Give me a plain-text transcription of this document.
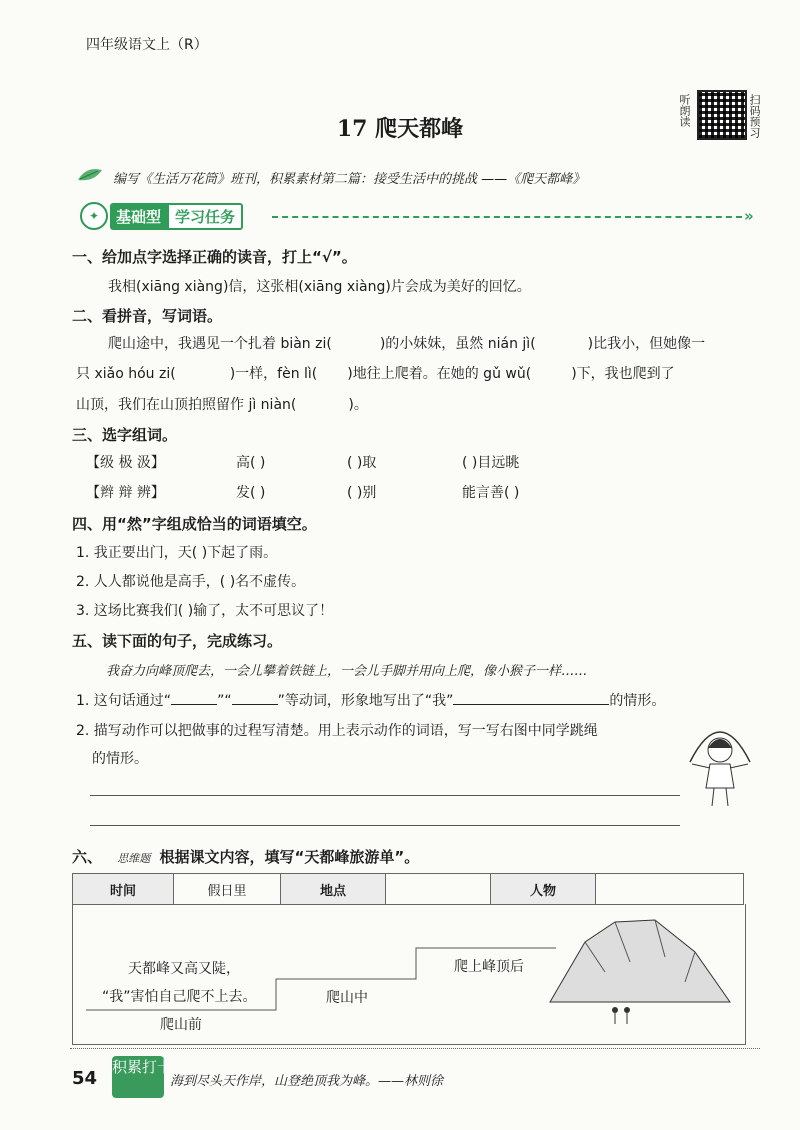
四年级语文上（R）
17 爬天都峰
听朗读	扫码预习
编写《生活万花筒》班刊，积累素材第二篇：接受生活中的挑战 ——《爬天都峰》
✦	基础型 学习任务	»
一、给加点字选择正确的读音，打上“√”。
我相(xiāng xiàng)信，这张相(xiāng xiàng)片会成为美好的回忆。
二、看拼音，写词语。
爬山途中，我遇见一个扎着 biàn zi(	)的小妹妹，虽然 nián jì(	)比我小，但她像一
只 xiǎo hóu zi(	)一样，fèn lì( )地往上爬着。在她的 gǔ wǔ(	)下，我也爬到了
山顶，我们在山顶拍照留作 jì niàn(	)。
三、选字组词。
【级 极 汲】	高( )	( )取	( )目远眺
【辫 辩 辨】	发( )	( )别	能言善( )
四、用“然”字组成恰当的词语填空。
1. 我正要出门，天( )下起了雨。
2. 人人都说他是高手，( )名不虚传。
3. 这场比赛我们( )输了，太不可思议了！
五、读下面的句子，完成练习。
我奋力向峰顶爬去，一会儿攀着铁链上，一会儿手脚并用向上爬，像小猴子一样……
1. 这句话通过“	”“	”等动词，形象地写出了“我”	的情形。
2. 描写动作可以把做事的过程写清楚。用上表示动作的词语，写一写右图中同学跳绳
的情形。
六、 思维题 根据课文内容，填写“天都峰旅游单”。
时间	假日里	地点		人物	
天都峰又高又陡，
“我”害怕自己爬不上去。
爬山前
爬山中
爬上峰顶后
54
积累打卡
海到尽头天作岸，山登绝顶我为峰。——林则徐
